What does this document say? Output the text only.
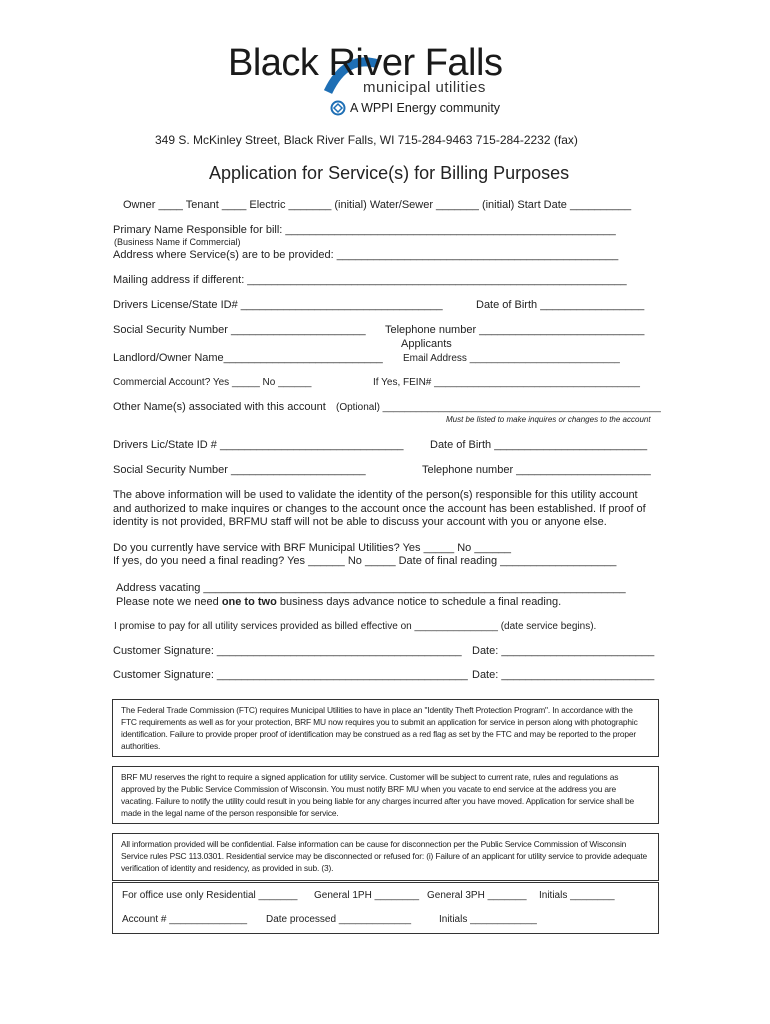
Black River Falls
municipal utilities
A WPPI Energy community
349 S. McKinley Street, Black River Falls, WI 715-284-9463 715-284-2232 (fax)
Application for Service(s) for Billing Purposes
Owner ____ Tenant ____ Electric _______ (initial) Water/Sewer _______ (initial) Start Date __________
Primary Name Responsible for bill: ______________________________________________________
(Business Name if Commercial)
Address where Service(s) are to be provided: ______________________________________________
Mailing address if different: ______________________________________________________________
Drivers License/State ID# _________________________________	Date of Birth _________________
Social Security Number ______________________ Telephone number ___________________________
Applicants
Landlord/Owner Name__________________________ Email Address ___________________________
Commercial Account? Yes _____ No ______	If Yes, FEIN# _____________________________________
Other Name(s) associated with this account (Optional) __________________________________________________
Must be listed to make inquires or changes to the account
Drivers Lic/State ID # ______________________________ Date of Birth _________________________
Social Security Number ______________________	Telephone number ______________________
The above information will be used to validate the identity of the person(s) responsible for this utility account and authorized to make inquires or changes to the account once the account has been established. If proof of identity is not provided, BRFMU staff will not be able to discuss your account with you or anyone else.
Do you currently have service with BRF Municipal Utilities? Yes _____ No ______
If yes, do you need a final reading? Yes ______ No _____ Date of final reading ___________________
Address vacating _____________________________________________________________________
Please note we need one to two business days advance notice to schedule a final reading.
I promise to pay for all utility services provided as billed effective on _______________ (date service begins).
Customer Signature: ________________________________________ Date: _________________________
Customer Signature: _________________________________________ Date: _________________________
The Federal Trade Commission (FTC) requires Municipal Utilities to have in place an "Identity Theft Protection Program". In accordance with the FTC requirements as well as for your protection, BRF MU now requires you to submit an application for service in person along with photographic identification. Failure to provide proper proof of identification may be construed as a red flag as set by the FTC and may be reported to the proper authorities.
BRF MU reserves the right to require a signed application for utility service. Customer will be subject to current rate, rules and regulations as approved by the Public Service Commission of Wisconsin. You must notify BRF MU when you vacate to end service at the address you are vacating. Failure to notify the utility could result in you being liable for any charges incurred after you have moved. Application for service shall be made in the legal name of the person responsible for service.
All information provided will be confidential. False information can be cause for disconnection per the Public Service Commission of Wisconsin Service rules PSC 113.0301. Residential service may be disconnected or refused for: (i) Failure of an applicant for utility service to provide adequate verification of identity and residency, as provided in sub. (3).
For office use only Residential _______ General 1PH ________ General 3PH _______ Initials ________
Account # ______________ Date processed _____________	Initials ____________
